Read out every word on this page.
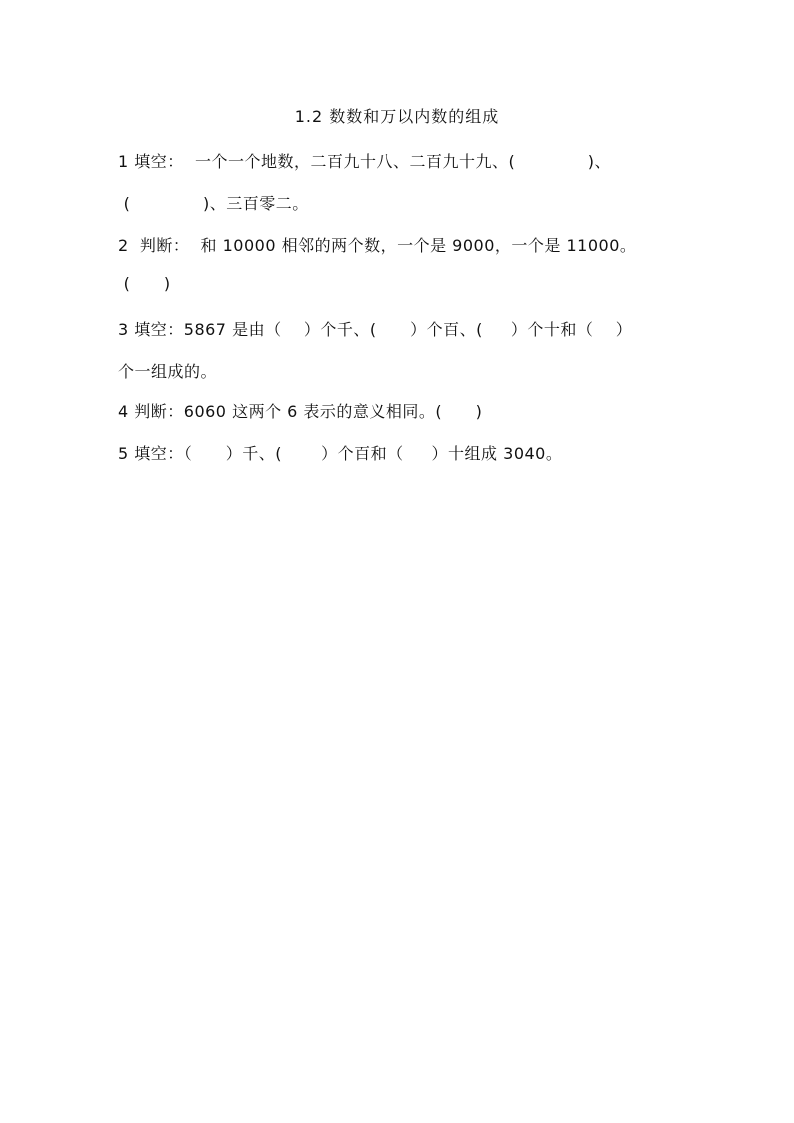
1.2 数数和万以内数的组成
1 填空：  一个一个地数，二百九十八、二百九十九、(             )、
(             )、三百零二。
2  判断：  和 10000 相邻的两个数，一个是 9000，一个是 11000。
(      )
3 填空：5867 是由（    ）个千、(      ）个百、(     ）个十和（    ）
个一组成的。
4 判断：6060 这两个 6 表示的意义相同。(      )
5 填空：（      ）千、(       ）个百和（     ）十组成 3040。
